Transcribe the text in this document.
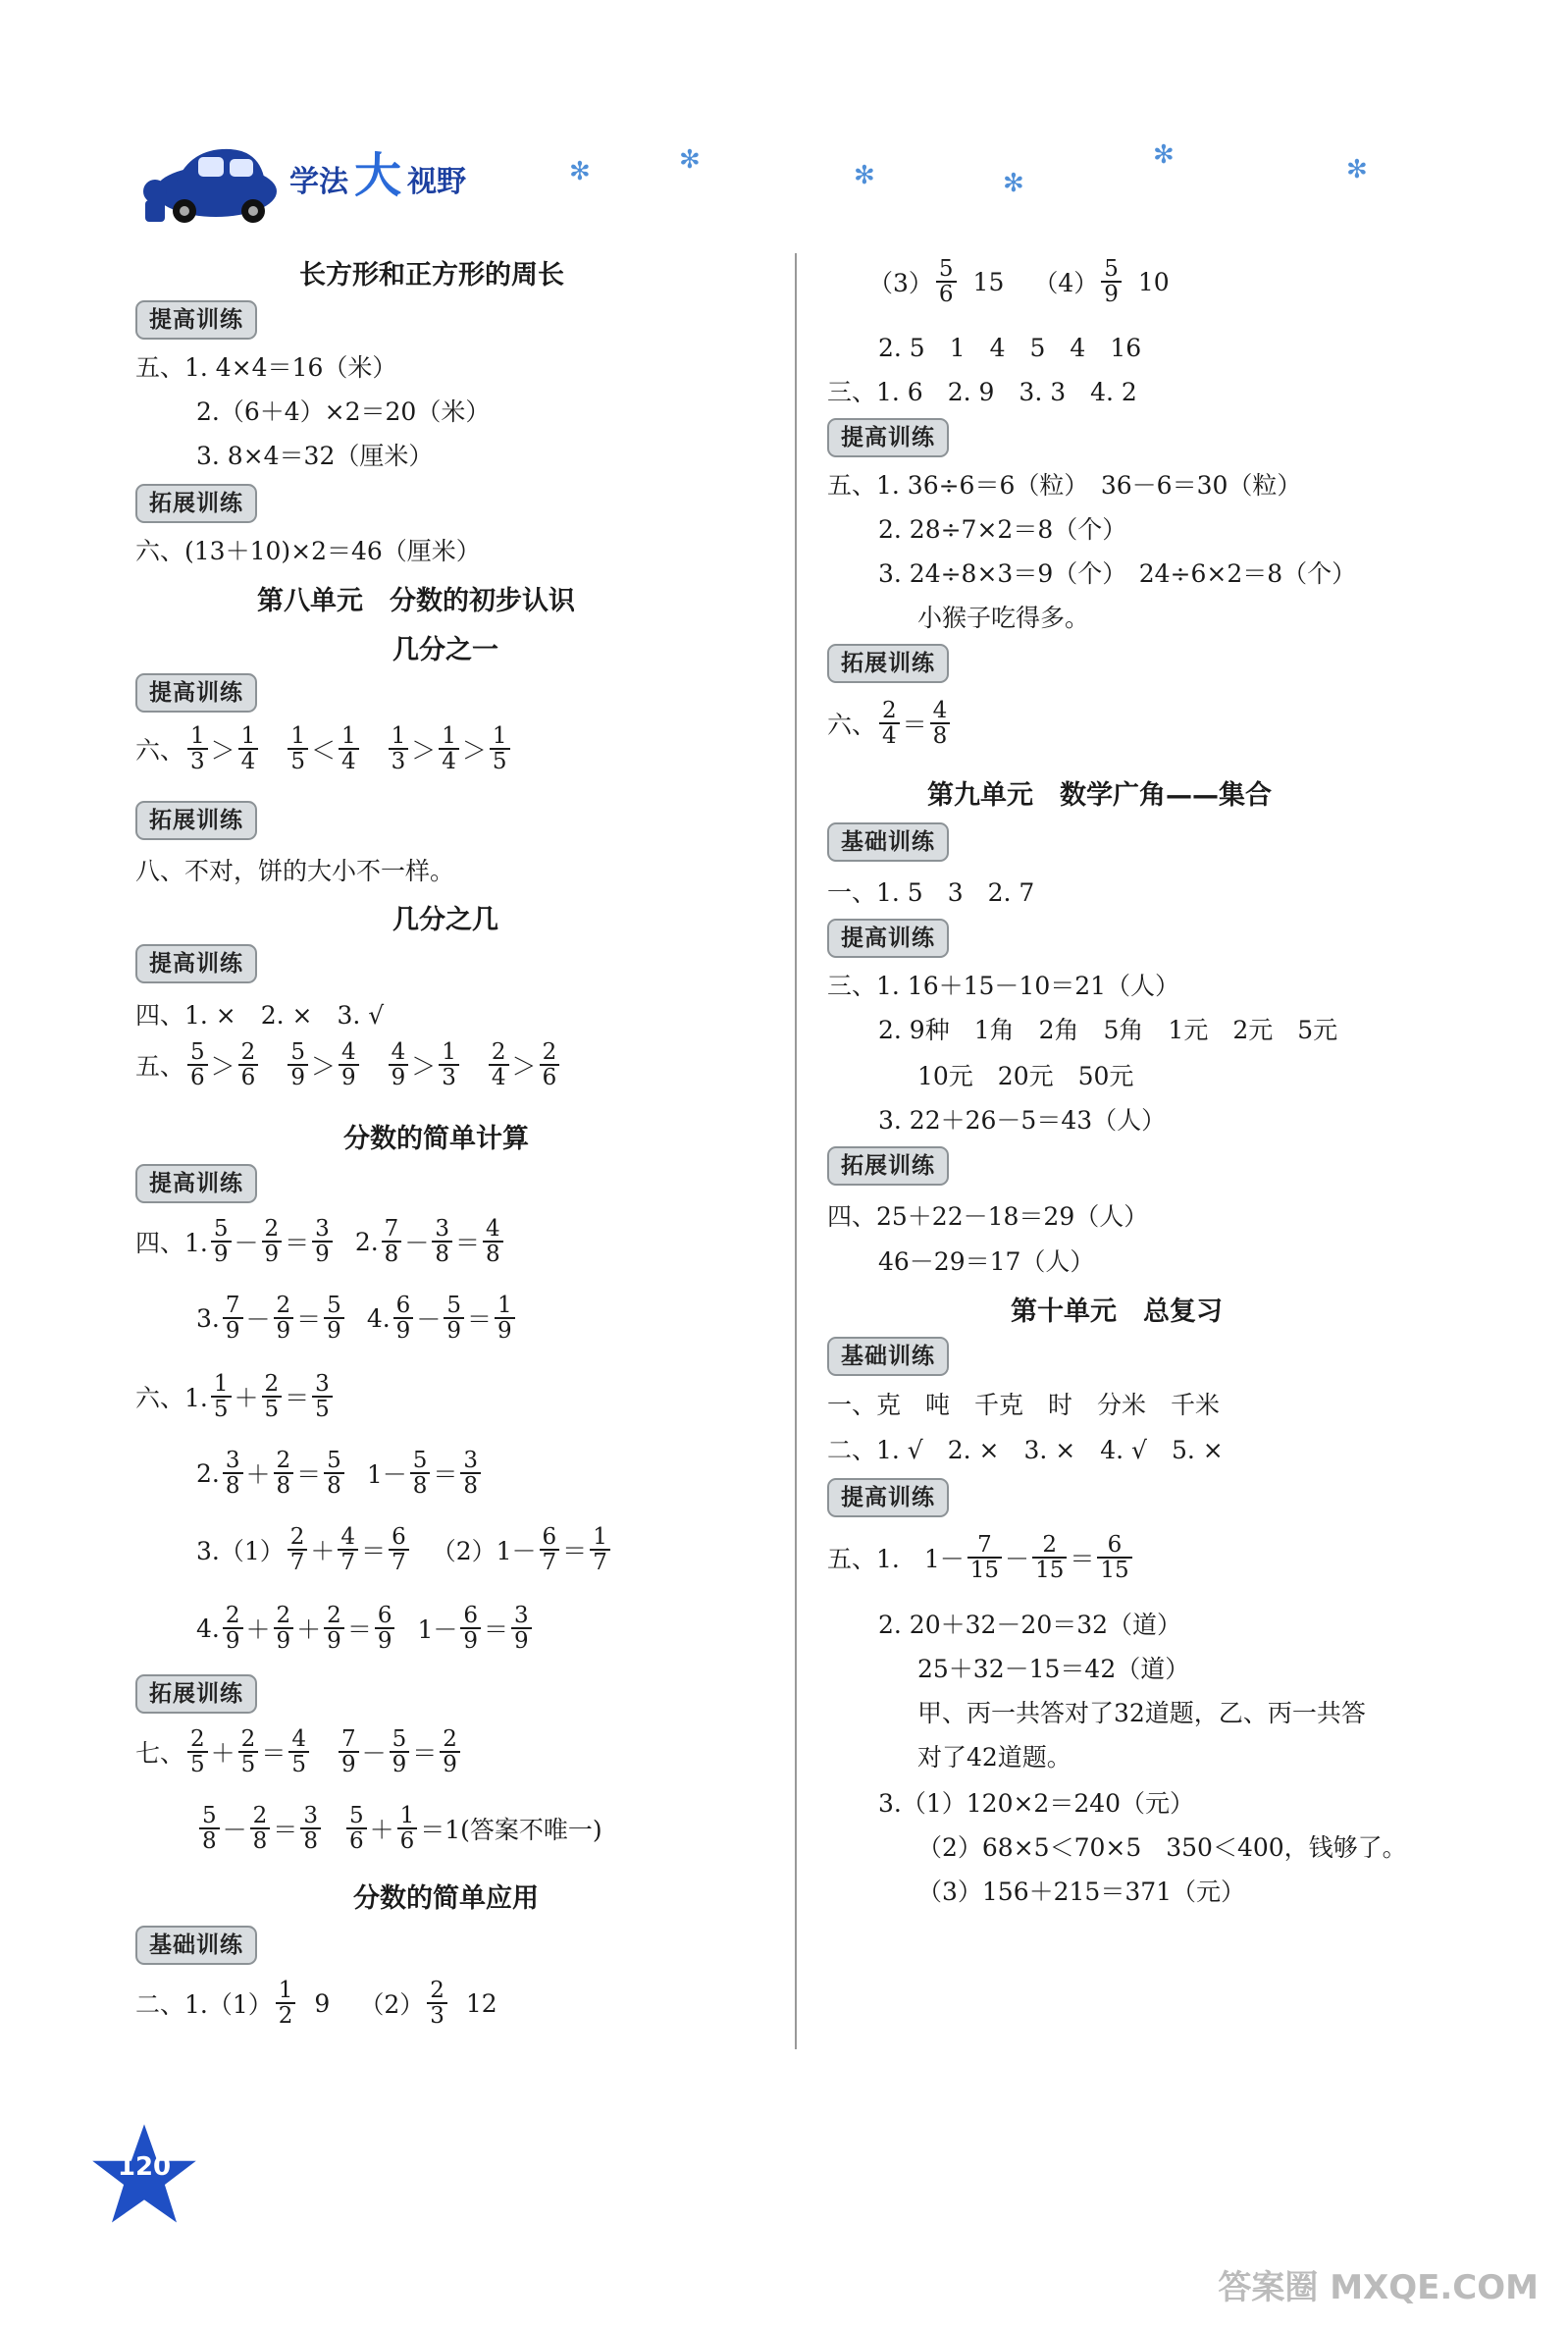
学法 大 视野	✻	✻
✻	✻
✻	✻
长方形和正方形的周长
提高训练
五、1. 4×4＝16（米）
2.（6＋4）×2＝20（米）
3. 8×4＝32（厘米）
拓展训练
六、(13＋10)×2＝46（厘米）
第八单元　分数的初步认识
几分之一
提高训练
六、
1
3 ＞
1
4
1
5 ＜
1
4
1
3 ＞
1
4 ＞
1
5
拓展训练
八、不对，饼的大小不一样。
几分之几
提高训练
四、1. ×　2. ×　3. √
五、
5
6 ＞
2
6
5
9 ＞
4
9
4
9 ＞
1
3
2
4 ＞
2
6
分数的简单计算
提高训练
四、1.
5
9 －
2
9 ＝
3
9 2. 7
8 －
3
8 ＝
4
8
3. 7
9 －
2
9 ＝
5
9 4. 6
9 －
5
9 ＝
1
9
六、1.
1
5 ＋
2
5 ＝
3
5
2. 3
8 ＋
2
8 ＝
5
8 1－
5
8 ＝
3
8
3.（1）
2
7 ＋
4
7 ＝
6
7 （2）1－
6
7 ＝
1
7
4. 2
9 ＋
2
9 ＋
2
9 ＝
6
9 1－
6
9 ＝
3
9
拓展训练
七、
2
5 ＋
2
5 ＝
4
5
7
9 －
5
9 ＝
2
9
5
8 －
2
8 ＝
3
8
5
6 ＋
1
6 ＝1 (答案不唯一)
分数的简单应用
基础训练
二、1.（1）
1
2 9 （2）
2
3 12
（3）
5
6 15 （4）
5
9 10
2. 5　1　4　5　4　16
三、1. 6　2. 9　3. 3　4. 2
提高训练
五、1. 36÷6＝6（粒）　36－6＝30（粒）
2. 28÷7×2＝8（个）
3. 24÷8×3＝9（个）　24÷6×2＝8（个）
小猴子吃得多。
拓展训练
六、
2
4 ＝
4
8
第九单元　数学广角——集合
基础训练
一、1. 5　3　2. 7
提高训练
三、1. 16＋15－10＝21（人）
2. 9种　1角　2角　5角　1元　2元　5元
10元　20元　50元
3. 22＋26－5＝43（人）
拓展训练
四、25＋22－18＝29（人）
46－29＝17（人）
第十单元　总复习
基础训练
一、克　吨　千克　时　分米　千米
二、1. √　2. ×　3. ×　4. √　5. ×
提高训练
五、1.　1－
7
15 －
2
15 ＝
6
15
2. 20＋32－20＝32（道）
25＋32－15＝42（道）
甲、丙一共答对了32道题，乙、丙一共答
对了42道题。
3.（1）120×2＝240（元）
（2）68×5＜70×5　350＜400，钱够了。
（3）156＋215＝371（元）
120
答案圈 MXQE.COM
